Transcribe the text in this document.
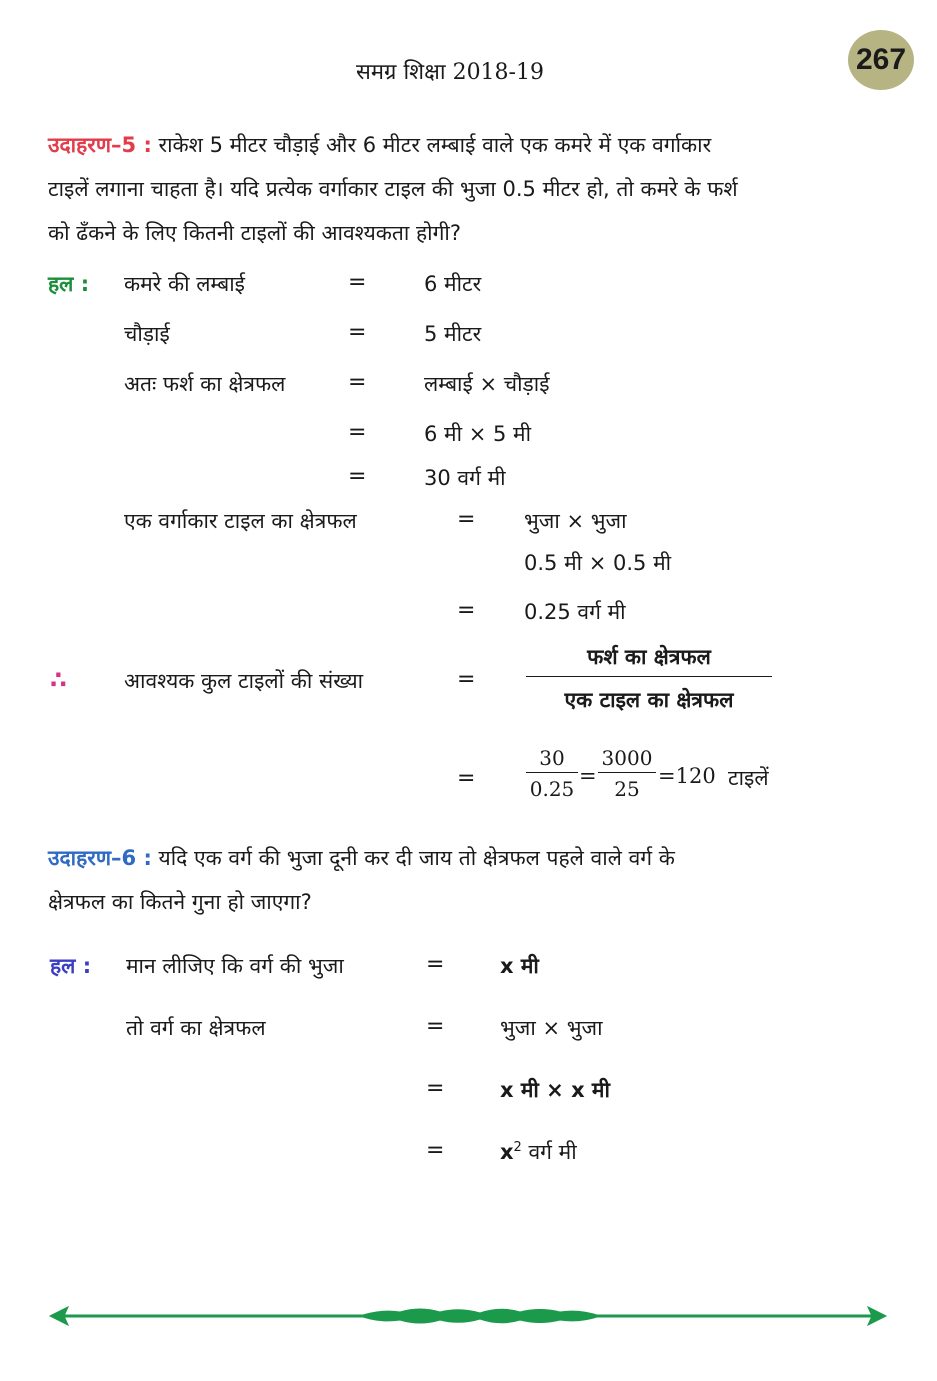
समग्र शिक्षा 2018-19	267
उदाहरण–5 : राकेश 5 मीटर चौड़ाई और 6 मीटर लम्बाई वाले एक कमरे में एक वर्गाकार
टाइलें लगाना चाहता है। यदि प्रत्येक वर्गाकार टाइल की भुजा 0.5 मीटर हो, तो कमरे के फर्श
को ढँकने के लिए कितनी टाइलों की आवश्यकता होगी?
हल : कमरे की लम्बाई	=	6 मीटर
चौड़ाई	=	5 मीटर
अतः फर्श का क्षेत्रफल	=	लम्बाई × चौड़ाई
=	6 मी × 5 मी
=	30 वर्ग मी
एक वर्गाकार टाइल का क्षेत्रफल	= भुजा × भुजा
0.5 मी × 0.5 मी
= 0.25 वर्ग मी
∴	आवश्यक कुल टाइलों की संख्या	=
फर्श का क्षेत्रफल
एक टाइल का क्षेत्रफल
=	$\frac{30}{0.25} = \frac{3000}{25} =120$ टाइलें
उदाहरण–6 : यदि एक वर्ग की भुजा दूनी कर दी जाय तो क्षेत्रफल पहले वाले वर्ग के
क्षेत्रफल का कितने गुना हो जाएगा?
हल : मान लीजिए कि वर्ग की भुजा	=	x मी
तो वर्ग का क्षेत्रफल	=	भुजा × भुजा
=	x मी × x मी
=	$x^2$ वर्ग मी
